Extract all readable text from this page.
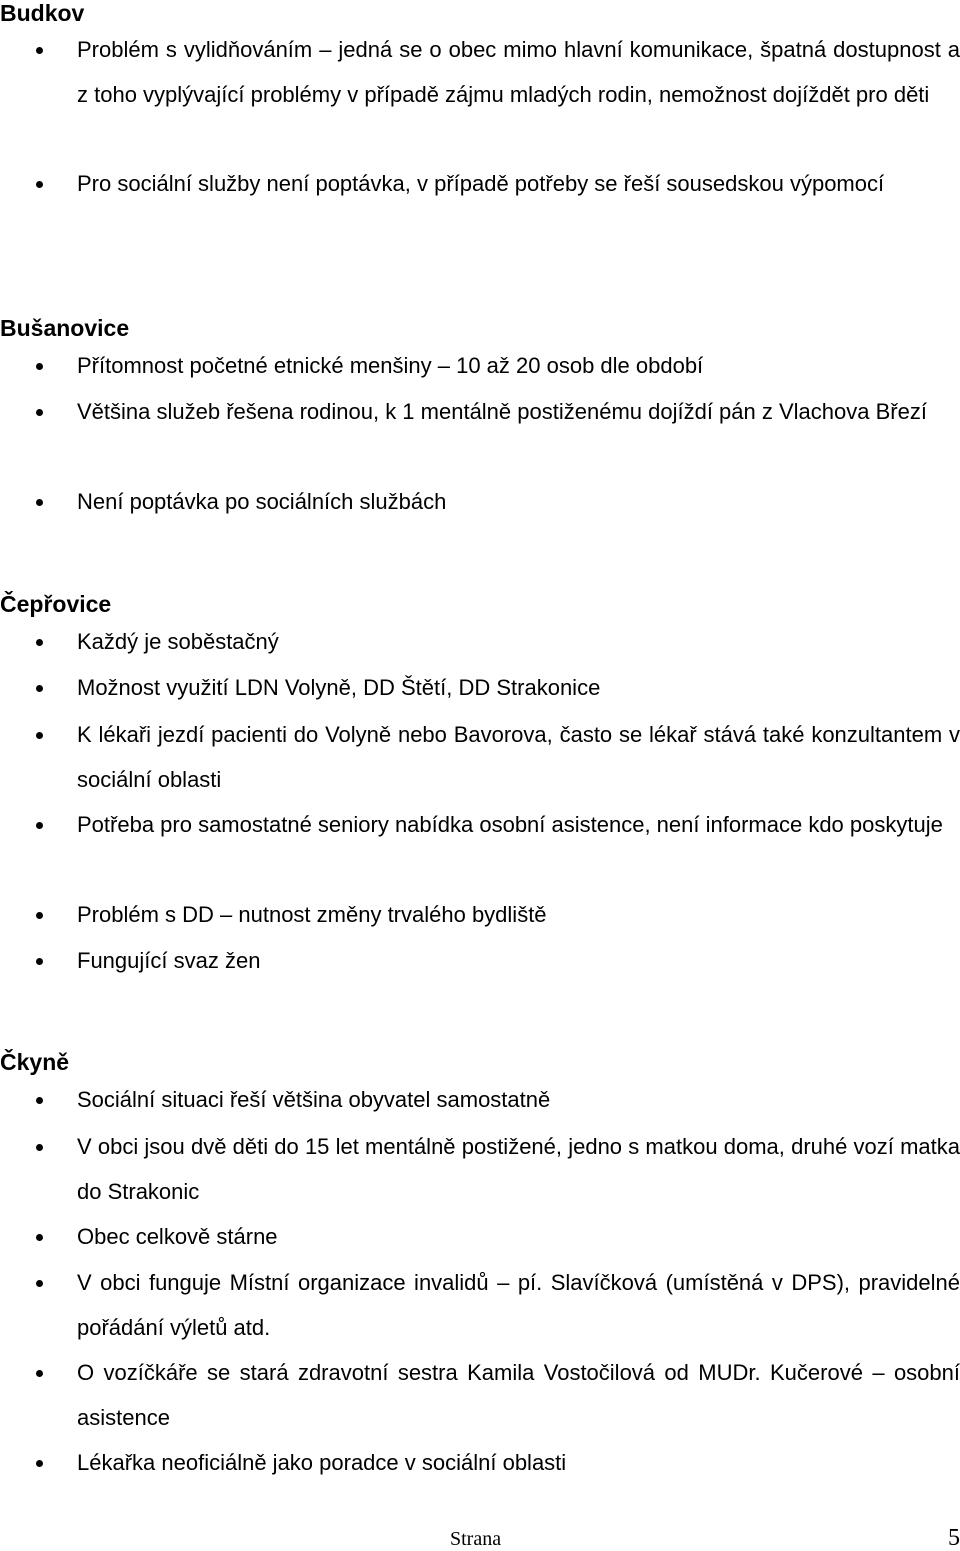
Budkov

Problém s vylidňováním – jedná se o obec mimo hlavní komunikace, špatná dostupnost a z toho vyplývající problémy v případě zájmu mladých rodin, nemožnost dojíždět pro děti

Pro sociální služby není poptávka, v případě potřeby se řeší sousedskou výpomocí

Bušanovice

Přítomnost početné etnické menšiny – 10 až 20 osob dle období

Většina služeb řešena rodinou, k 1 mentálně postiženému dojíždí pán z Vlachova Březí

Není poptávka po sociálních službách

Čepřovice

Každý je soběstačný

Možnost využití LDN Volyně, DD Štětí, DD Strakonice

K lékaři jezdí pacienti do Volyně nebo Bavorova, často se lékař stává také konzultantem v sociální oblasti

Potřeba pro samostatné seniory nabídka osobní asistence, není informace kdo poskytuje

Problém s DD – nutnost změny trvalého bydliště

Fungující svaz žen

Čkyně

Sociální situaci řeší většina obyvatel samostatně

V obci jsou dvě děti do 15 let mentálně postižené, jedno s matkou doma, druhé vozí matka do Strakonic

Obec celkově stárne

V obci funguje Místní organizace invalidů – pí. Slavíčková (umístěná v DPS), pravidelné pořádání výletů atd.

O vozíčkáře se stará zdravotní sestra Kamila Vostočilová od MUDr. Kučerové – osobní asistence

Lékařka neoficiálně jako poradce v sociální oblasti

Strana	5
